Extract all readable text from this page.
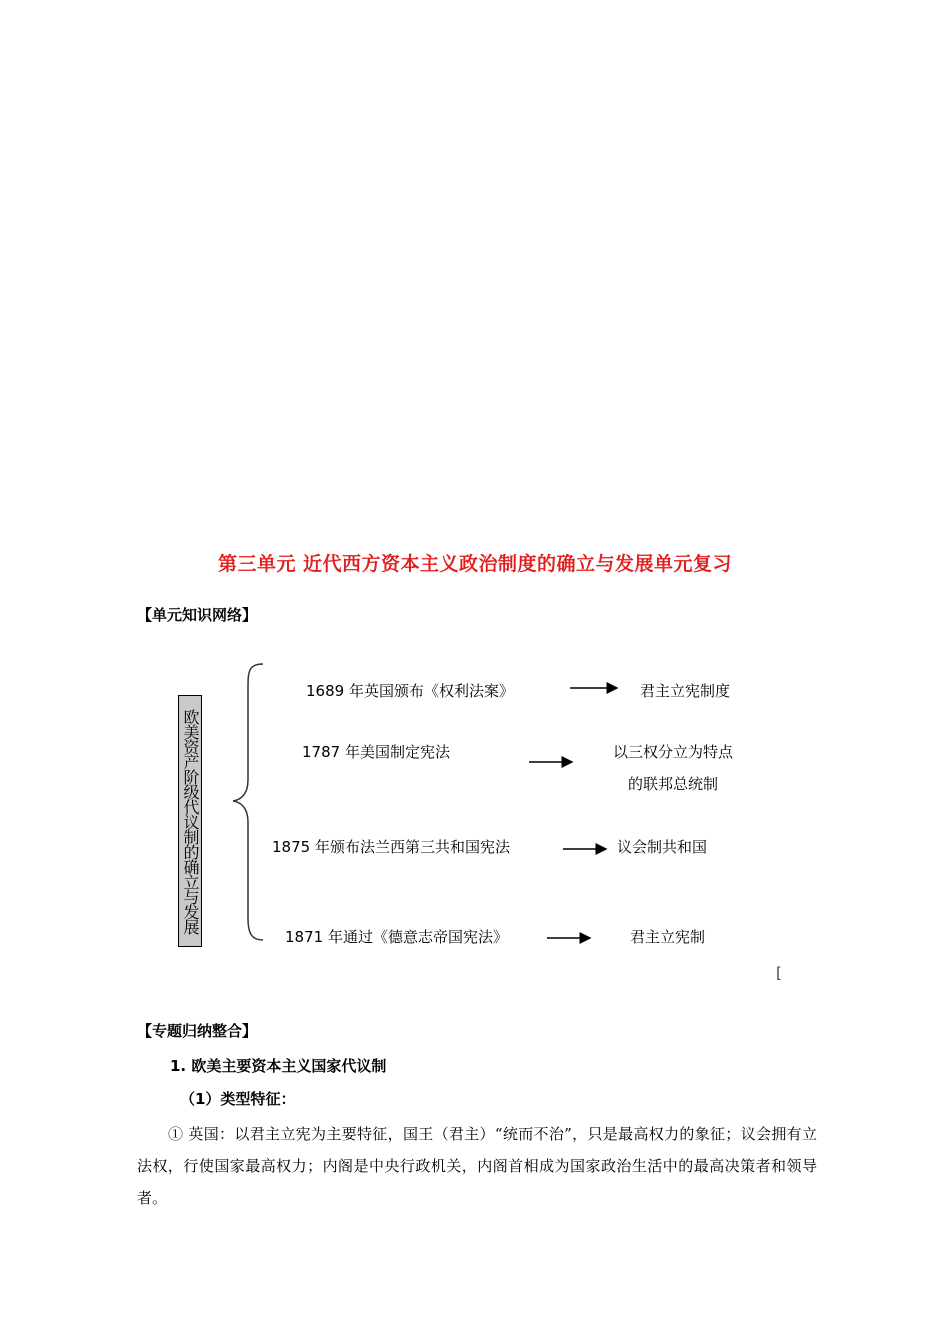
第三单元 近代西方资本主义政治制度的确立与发展单元复习
【单元知识网络】
欧美资产阶级代议制的确立与发展
1689 年英国颁布《权利法案》	君主立宪制度
1787 年美国制定宪法	以三权分立为特点
的联邦总统制
1875 年颁布法兰西第三共和国宪法	议会制共和国
1871 年通过《德意志帝国宪法》	君主立宪制
[
【专题归纳整合】
1. 欧美主要资本主义国家代议制
（1）类型特征：
① 英国：以君主立宪为主要特征，国王（君主）“统而不治”，只是最高权力的象征；议会拥有立法权，行使国家最高权力；内阁是中央行政机关，内阁首相成为国家政治生活中的最高决策者和领导者。
